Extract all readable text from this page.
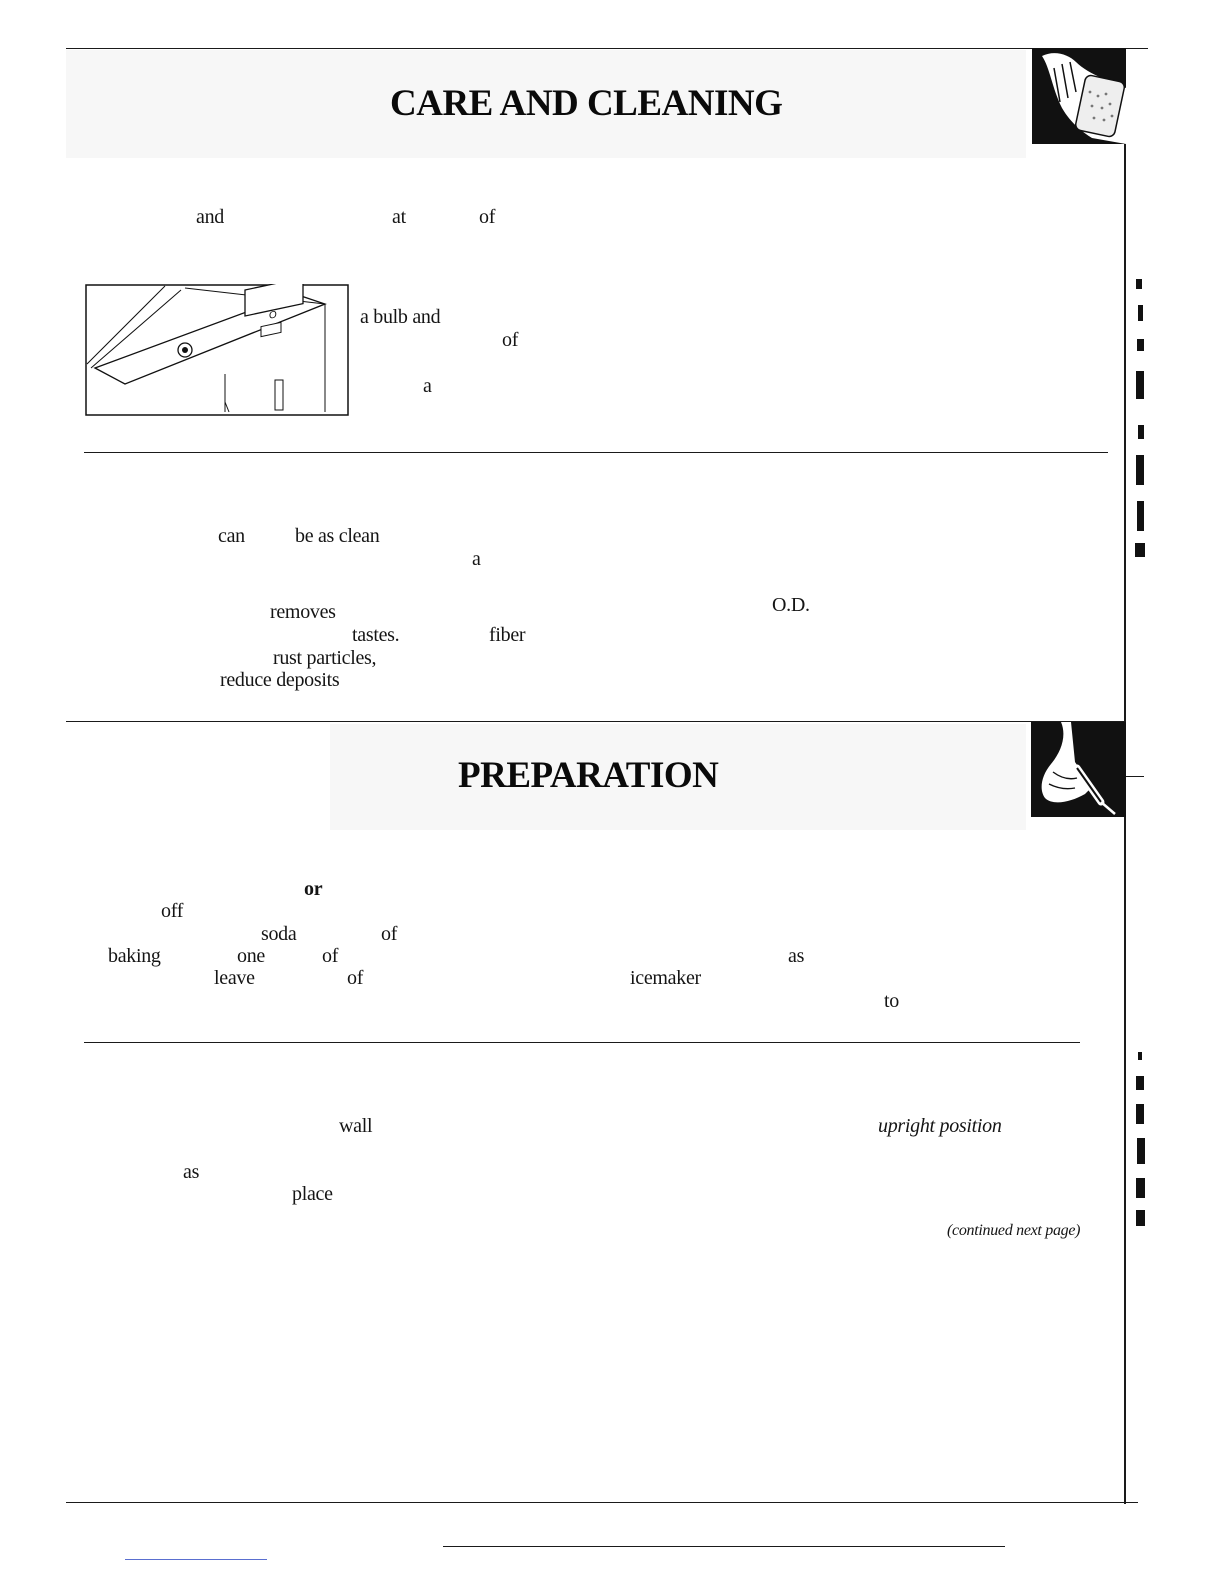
CARE AND CLEANING
and	at	of
O	a bulb and
of
a
can	be as clean
a
removes	O.D.
tastes.	fiber
rust particles,
reduce deposits
PREPARATION
or
off
soda	of
baking	one	of	as
leave	of	icemaker
to
wall	upright position
as
place
(continued next page)
